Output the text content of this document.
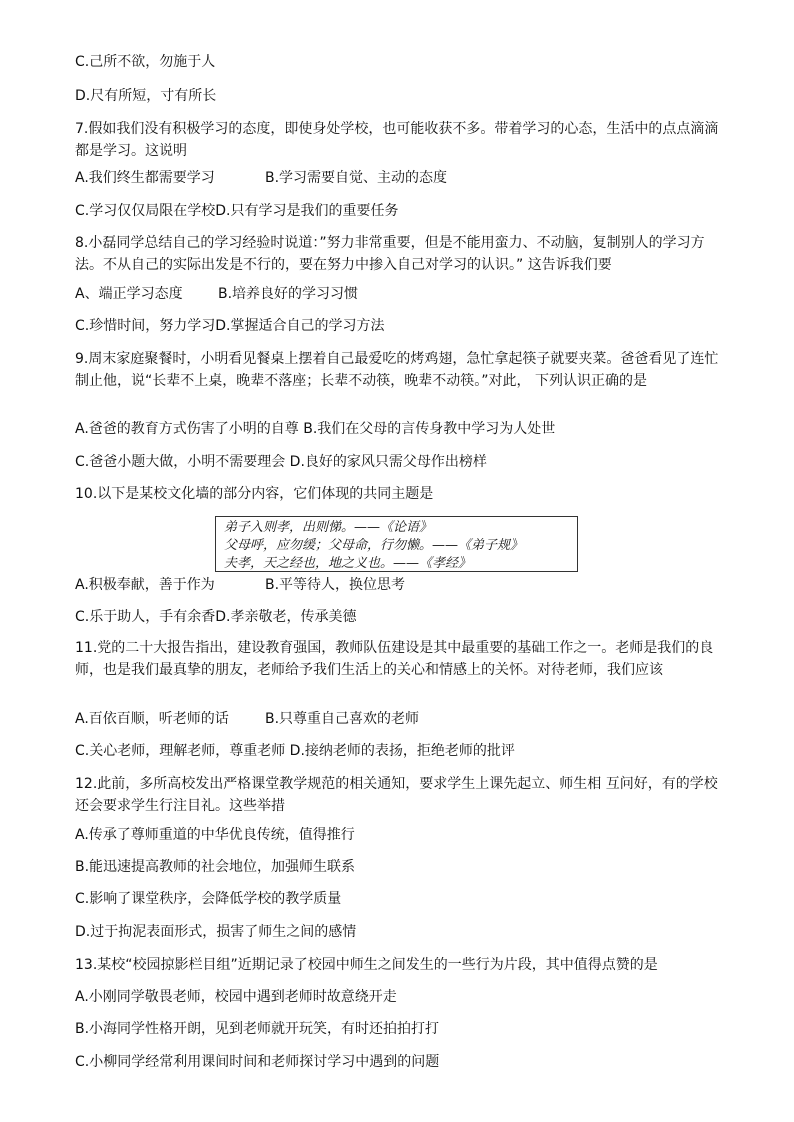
C.己所不欲，勿施于人
D.尺有所短，寸有所长
7.假如我们没有积极学习的态度，即使身处学校，也可能收获不多。带着学习的心态，生活中的点点滴滴都是学习。这说明
A.我们终生都需要学习	B.学习需要自觉、主动的态度
C.学习仅仅局限在学校D.只有学习是我们的重要任务
8.小磊同学总结自己的学习经验时说道：”努力非常重要，但是不能用蛮力、不动脑，复制别人的学习方法。不从自己的实际出发是不行的，要在努力中掺入自己对学习的认识。” 这告诉我们要
A、端正学习态度	B.培养良好的学习习惯
C.珍惜时间，努力学习D.掌握适合自己的学习方法
9.周末家庭聚餐时，小明看见餐桌上摆着自己最爱吃的烤鸡翅，急忙拿起筷子就要夹菜。爸爸看见了连忙制止他，说“长辈不上桌，晚辈不落座；长辈不动筷，晚辈不动筷。”对此， 下列认识正确的是
A.爸爸的教育方式伤害了小明的自尊 B.我们在父母的言传身教中学习为人处世
C.爸爸小题大做，小明不需要理会 D.良好的家风只需父母作出榜样
10.以下是某校文化墙的部分内容，它们体现的共同主题是
弟子入则孝，出则悌。——《论语》
父母呼，应勿缓；父母命，行勿懒。——《弟子规》
夫孝，天之经也，地之义也。——《孝经》
A.积极奉献，善于作为	B.平等待人，换位思考
C.乐于助人，手有余香D.孝亲敬老，传承美德
11.党的二十大报告指出，建设教育强国，教师队伍建设是其中最重要的基础工作之一。老师是我们的良师，也是我们最真挚的朋友，老师给予我们生活上的关心和情感上的关怀。对待老师，我们应该
A.百依百顺，听老师的话	B.只尊重自己喜欢的老师
C.关心老师，理解老师，尊重老师 D.接纳老师的表扬，拒绝老师的批评
12.此前，多所高校发出严格课堂教学规范的相关通知，要求学生上课先起立、师生相 互问好，有的学校还会要求学生行注目礼。这些举措
A.传承了尊师重道的中华优良传统，值得推行
B.能迅速提高教师的社会地位，加强师生联系
C.影响了课堂秩序，会降低学校的教学质量
D.过于拘泥表面形式，损害了师生之间的感情
13.某校“校园掠影栏目组”近期记录了校园中师生之间发生的一些行为片段，其中值得点赞的是
A.小刚同学敬畏老师，校园中遇到老师时故意绕开走
B.小海同学性格开朗，见到老师就开玩笑，有时还拍拍打打
C.小柳同学经常利用课间时间和老师探讨学习中遇到的问题
